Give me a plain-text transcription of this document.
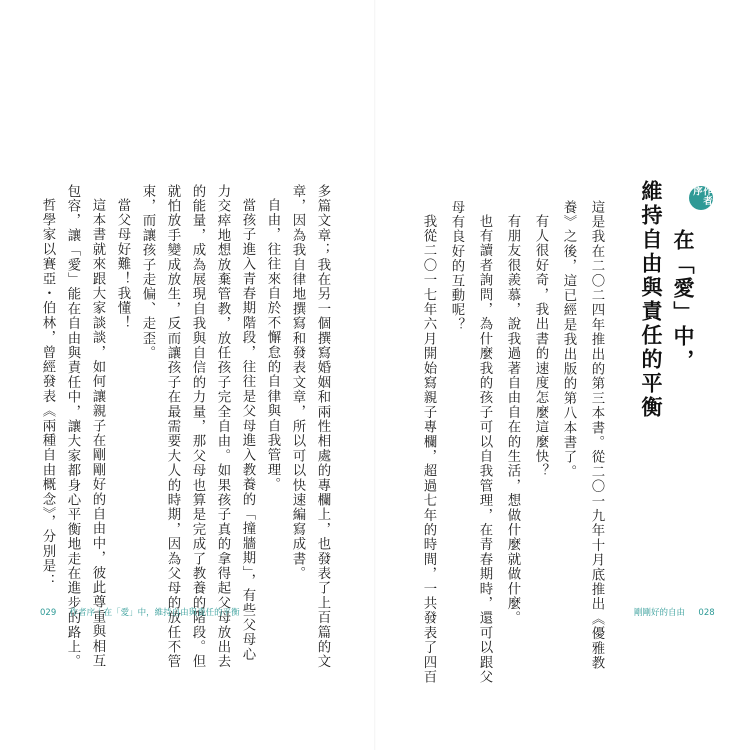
作者序
在「愛」中，
維持自由與責任的平衡
這是我在二〇二四年推出的第三本書。從二〇一九年十月底推出《優雅教
養》之後，這已經是我出版的第八本書了。
有人很好奇，我出書的速度怎麼這麼快？
有朋友很羨慕，說我過著自由自在的生活，想做什麼就做什麼。
也有讀者詢問，為什麼我的孩子可以自我管理，在青春期時，還可以跟父
母有良好的互動呢？
我從二〇一七年六月開始寫親子專欄，超過七年的時間，一共發表了四百
多篇文章；我在另一個撰寫婚姻和兩性相處的專欄上，也發表了上百篇的文
章，因為我自律地撰寫和發表文章，所以可以快速編寫成書。
自由，往往來自於不懈怠的自律與自我管理。
當孩子進入青春期階段，往往是父母進入教養的「撞牆期」，有些父母心
力交瘁地想放棄管教，放任孩子完全自由。如果孩子真的拿得起父母放出去
的能量，成為展現自我與自信的力量，那父母也算是完成了教養的階段。但
就怕放手變成放生，反而讓孩子在最需要大人的時期，因為父母的放任不管
束，而讓孩子走偏、走歪。
當父母好難！我懂！
這本書就來跟大家談談，如何讓親子在剛剛好的自由中，彼此尊重與相互
包容，讓「愛」能在自由與責任中，讓大家都身心平衡地走在進步的路上。
哲學家以賽亞・伯林，曾經發表《兩種自由概念》，分別是：
029 作者序｜在「愛」中，維持自由與責任的平衡	剛剛好的自由 028
